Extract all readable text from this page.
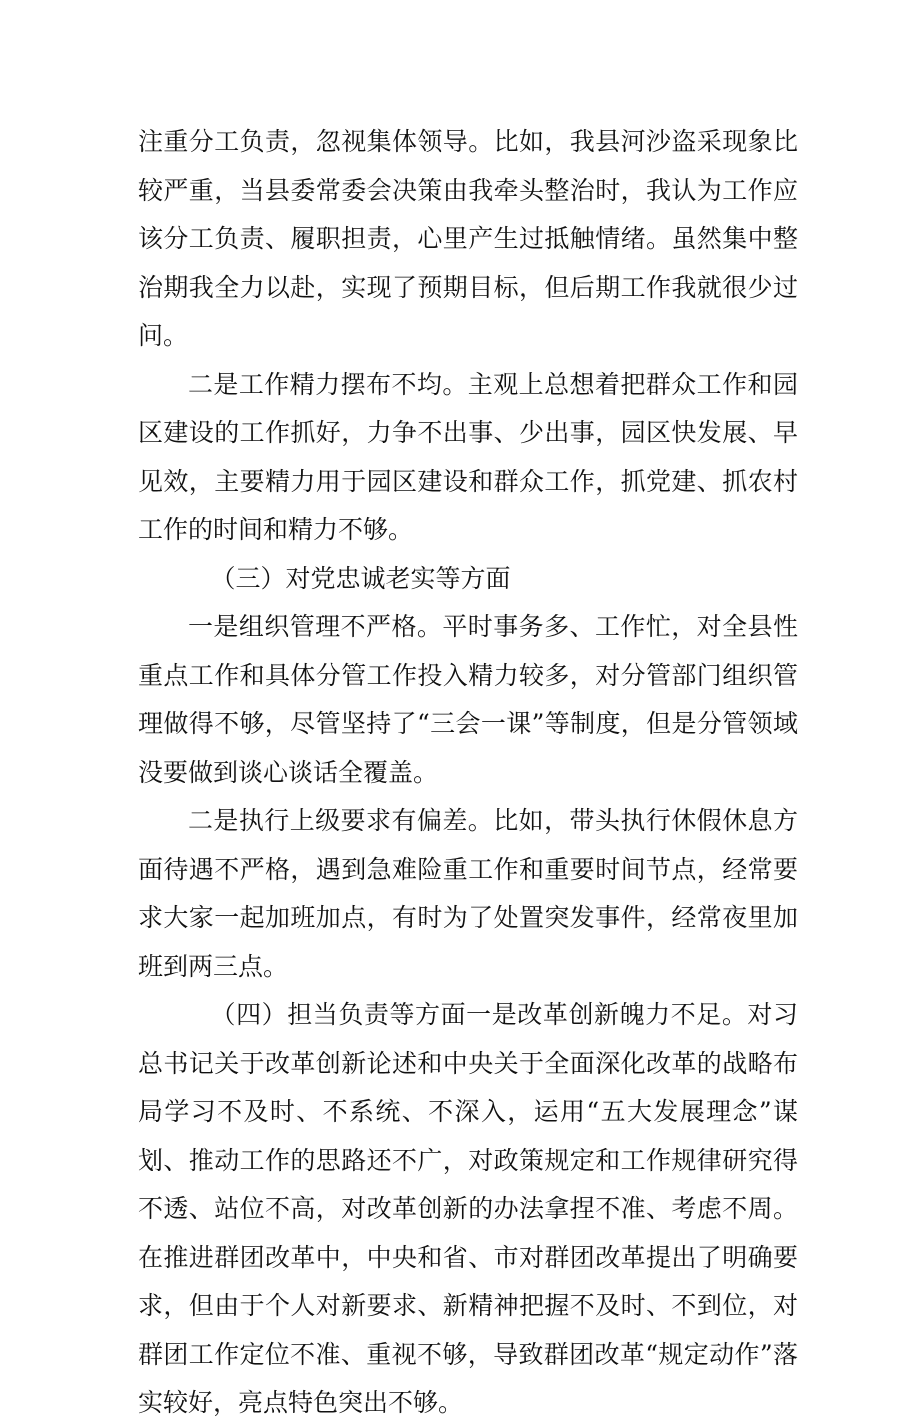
注重分工负责，忽视集体领导。比如，我县河沙盗采现象比较严重，当县委常委会决策由我牵头整治时，我认为工作应该分工负责、履职担责，心里产生过抵触情绪。虽然集中整治期我全力以赴，实现了预期目标，但后期工作我就很少过问。

二是工作精力摆布不均。主观上总想着把群众工作和园区建设的工作抓好，力争不出事、少出事，园区快发展、早见效，主要精力用于园区建设和群众工作，抓党建、抓农村工作的时间和精力不够。

（三）对党忠诚老实等方面

一是组织管理不严格。平时事务多、工作忙，对全县性重点工作和具体分管工作投入精力较多，对分管部门组织管理做得不够，尽管坚持了“三会一课”等制度，但是分管领域没要做到谈心谈话全覆盖。

二是执行上级要求有偏差。比如，带头执行休假休息方面待遇不严格，遇到急难险重工作和重要时间节点，经常要求大家一起加班加点，有时为了处置突发事件，经常夜里加班到两三点。

（四）担当负责等方面一是改革创新魄力不足。对习总书记关于改革创新论述和中央关于全面深化改革的战略布局学习不及时、不系统、不深入，运用“五大发展理念”谋划、推动工作的思路还不广，对政策规定和工作规律研究得不透、站位不高，对改革创新的办法拿捏不准、考虑不周。在推进群团改革中，中央和省、市对群团改革提出了明确要求，但由于个人对新要求、新精神把握不及时、不到位，对群团工作定位不准、重视不够，导致群团改革“规定动作”落实较好，亮点特色突出不够。
